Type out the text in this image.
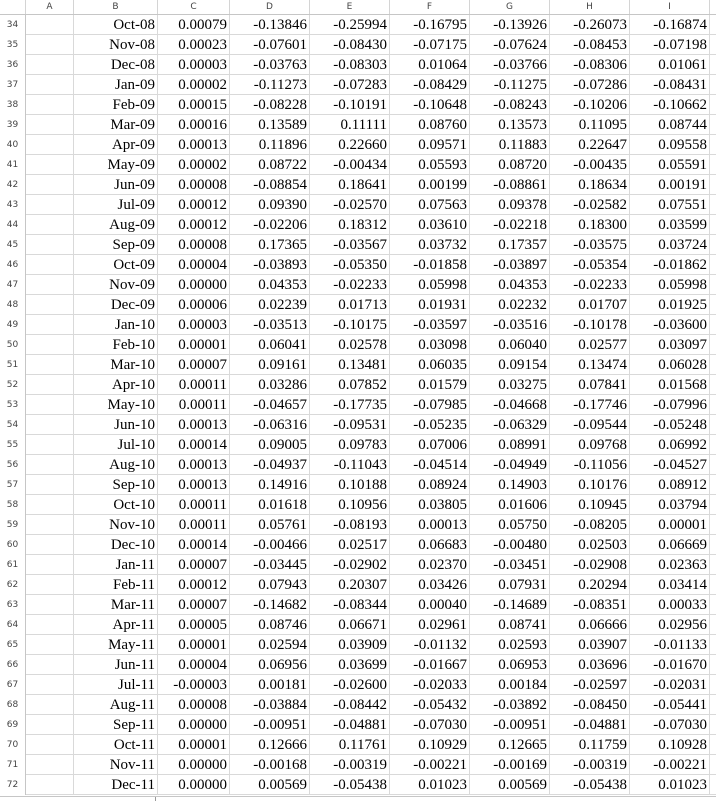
A	B	C	D	E	F	G	H	I
34	Oct-08	0.00079	-0.13846	-0.25994	-0.16795	-0.13926	-0.26073	-0.16874
35	Nov-08	0.00023	-0.07601	-0.08430	-0.07175	-0.07624	-0.08453	-0.07198
36	Dec-08	0.00003	-0.03763	-0.08303	0.01064	-0.03766	-0.08306	0.01061
37	Jan-09	0.00002	-0.11273	-0.07283	-0.08429	-0.11275	-0.07286	-0.08431
38	Feb-09	0.00015	-0.08228	-0.10191	-0.10648	-0.08243	-0.10206	-0.10662
39	Mar-09	0.00016	0.13589	0.11111	0.08760	0.13573	0.11095	0.08744
40	Apr-09	0.00013	0.11896	0.22660	0.09571	0.11883	0.22647	0.09558
41	May-09	0.00002	0.08722	-0.00434	0.05593	0.08720	-0.00435	0.05591
42	Jun-09	0.00008	-0.08854	0.18641	0.00199	-0.08861	0.18634	0.00191
43	Jul-09	0.00012	0.09390	-0.02570	0.07563	0.09378	-0.02582	0.07551
44	Aug-09	0.00012	-0.02206	0.18312	0.03610	-0.02218	0.18300	0.03599
45	Sep-09	0.00008	0.17365	-0.03567	0.03732	0.17357	-0.03575	0.03724
46	Oct-09	0.00004	-0.03893	-0.05350	-0.01858	-0.03897	-0.05354	-0.01862
47	Nov-09	0.00000	0.04353	-0.02233	0.05998	0.04353	-0.02233	0.05998
48	Dec-09	0.00006	0.02239	0.01713	0.01931	0.02232	0.01707	0.01925
49	Jan-10	0.00003	-0.03513	-0.10175	-0.03597	-0.03516	-0.10178	-0.03600
50	Feb-10	0.00001	0.06041	0.02578	0.03098	0.06040	0.02577	0.03097
51	Mar-10	0.00007	0.09161	0.13481	0.06035	0.09154	0.13474	0.06028
52	Apr-10	0.00011	0.03286	0.07852	0.01579	0.03275	0.07841	0.01568
53	May-10	0.00011	-0.04657	-0.17735	-0.07985	-0.04668	-0.17746	-0.07996
54	Jun-10	0.00013	-0.06316	-0.09531	-0.05235	-0.06329	-0.09544	-0.05248
55	Jul-10	0.00014	0.09005	0.09783	0.07006	0.08991	0.09768	0.06992
56	Aug-10	0.00013	-0.04937	-0.11043	-0.04514	-0.04949	-0.11056	-0.04527
57	Sep-10	0.00013	0.14916	0.10188	0.08924	0.14903	0.10176	0.08912
58	Oct-10	0.00011	0.01618	0.10956	0.03805	0.01606	0.10945	0.03794
59	Nov-10	0.00011	0.05761	-0.08193	0.00013	0.05750	-0.08205	0.00001
60	Dec-10	0.00014	-0.00466	0.02517	0.06683	-0.00480	0.02503	0.06669
61	Jan-11	0.00007	-0.03445	-0.02902	0.02370	-0.03451	-0.02908	0.02363
62	Feb-11	0.00012	0.07943	0.20307	0.03426	0.07931	0.20294	0.03414
63	Mar-11	0.00007	-0.14682	-0.08344	0.00040	-0.14689	-0.08351	0.00033
64	Apr-11	0.00005	0.08746	0.06671	0.02961	0.08741	0.06666	0.02956
65	May-11	0.00001	0.02594	0.03909	-0.01132	0.02593	0.03907	-0.01133
66	Jun-11	0.00004	0.06956	0.03699	-0.01667	0.06953	0.03696	-0.01670
67	Jul-11	-0.00003	0.00181	-0.02600	-0.02033	0.00184	-0.02597	-0.02031
68	Aug-11	0.00008	-0.03884	-0.08442	-0.05432	-0.03892	-0.08450	-0.05441
69	Sep-11	0.00000	-0.00951	-0.04881	-0.07030	-0.00951	-0.04881	-0.07030
70	Oct-11	0.00001	0.12666	0.11761	0.10929	0.12665	0.11759	0.10928
71	Nov-11	0.00000	-0.00168	-0.00319	-0.00221	-0.00169	-0.00319	-0.00221
72	Dec-11	0.00000	0.00569	-0.05438	0.01023	0.00569	-0.05438	0.01023
